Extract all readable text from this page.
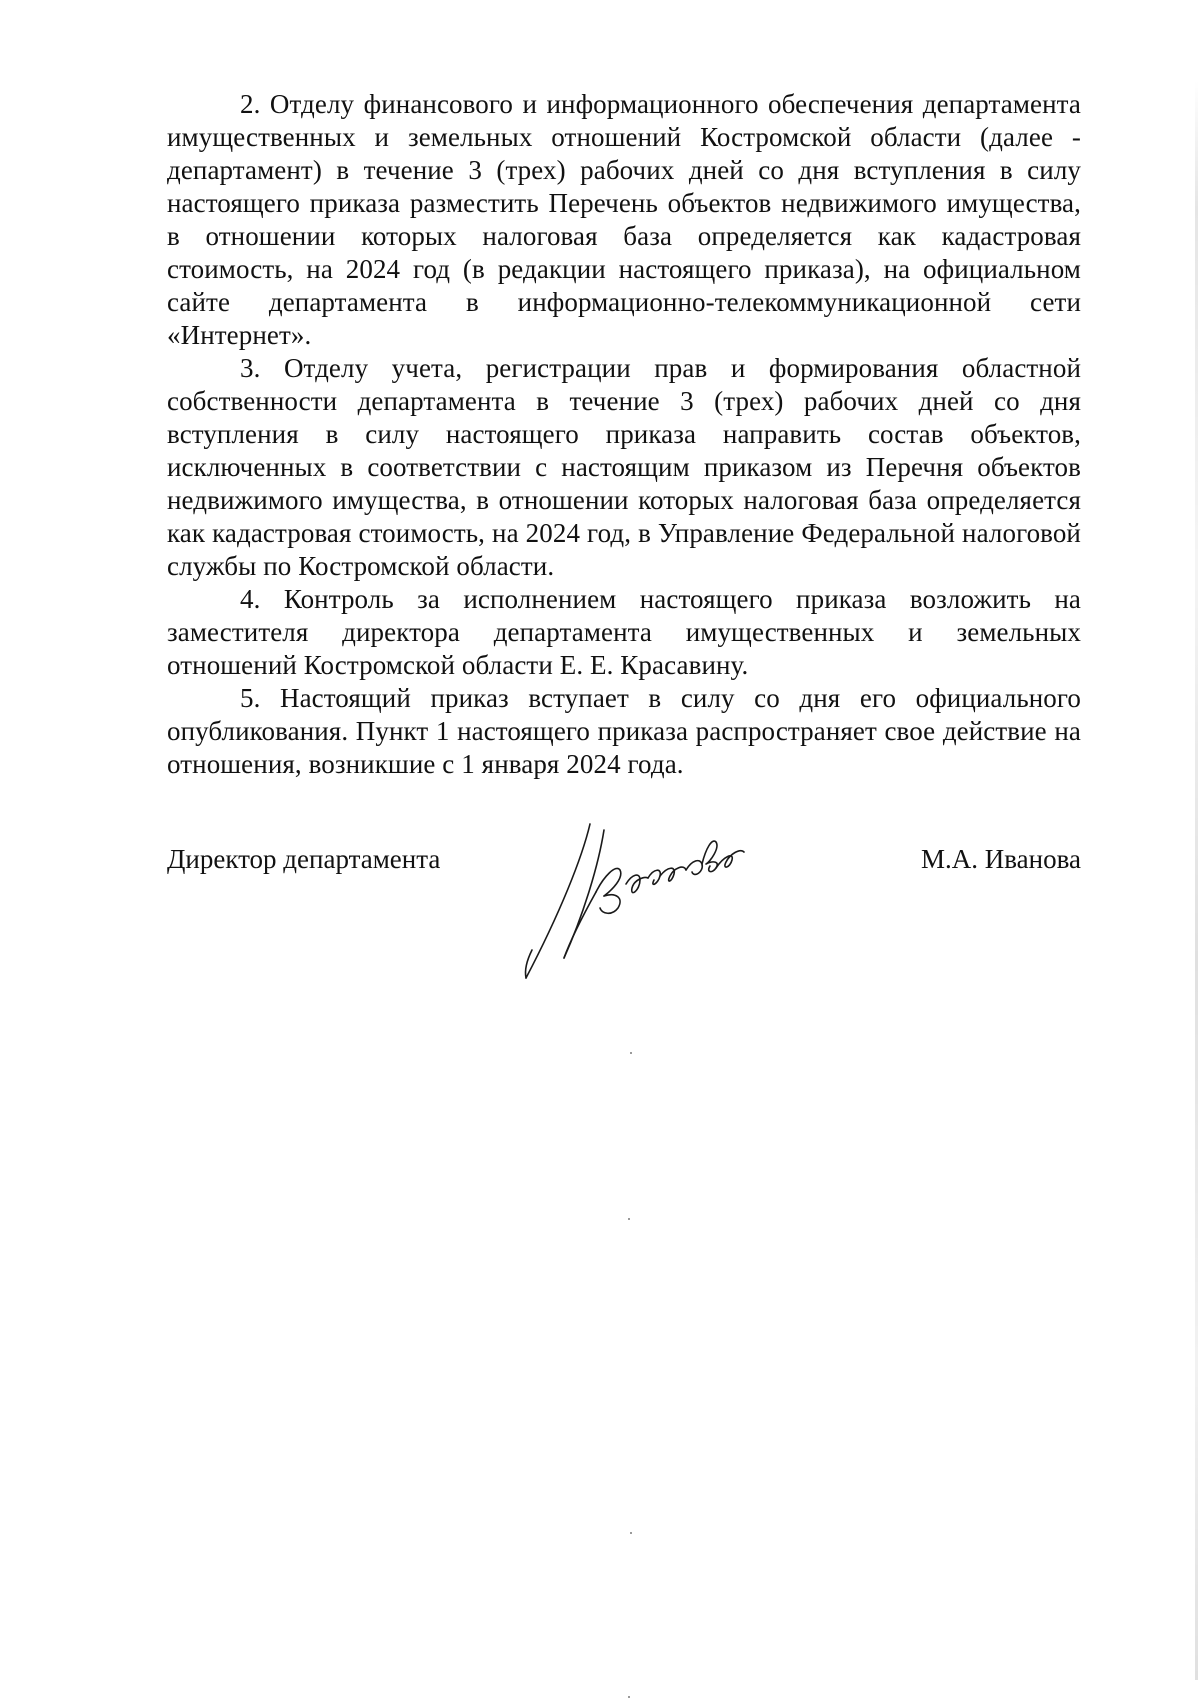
2. Отделу финансового и информационного обеспечения департамента имущественных и земельных отношений Костромской области (далее - департамент) в течение 3 (трех) рабочих дней со дня вступления в силу настоящего приказа разместить Перечень объектов недвижимого имущества, в отношении которых налоговая база определяется как кадастровая стоимость, на 2024 год (в редакции настоящего приказа), на официальном сайте департамента в информационно-телекоммуникационной сети «Интернет».

3. Отделу учета, регистрации прав и формирования областной собственности департамента в течение 3 (трех) рабочих дней со дня вступления в силу настоящего приказа направить состав объектов, исключенных в соответствии с настоящим приказом из Перечня объектов недвижимого имущества, в отношении которых налоговая база определяется как кадастровая стоимость, на 2024 год, в Управление Федеральной налоговой службы по Костромской области.

4. Контроль за исполнением настоящего приказа возложить на заместителя директора департамента имущественных и земельных отношений Костромской области Е. Е. Красавину.

5. Настоящий приказ вступает в силу со дня его официального опубликования. Пункт 1 настоящего приказа распространяет свое действие на отношения, возникшие с 1 января 2024 года.

Директор департамента	М.А. Иванова
